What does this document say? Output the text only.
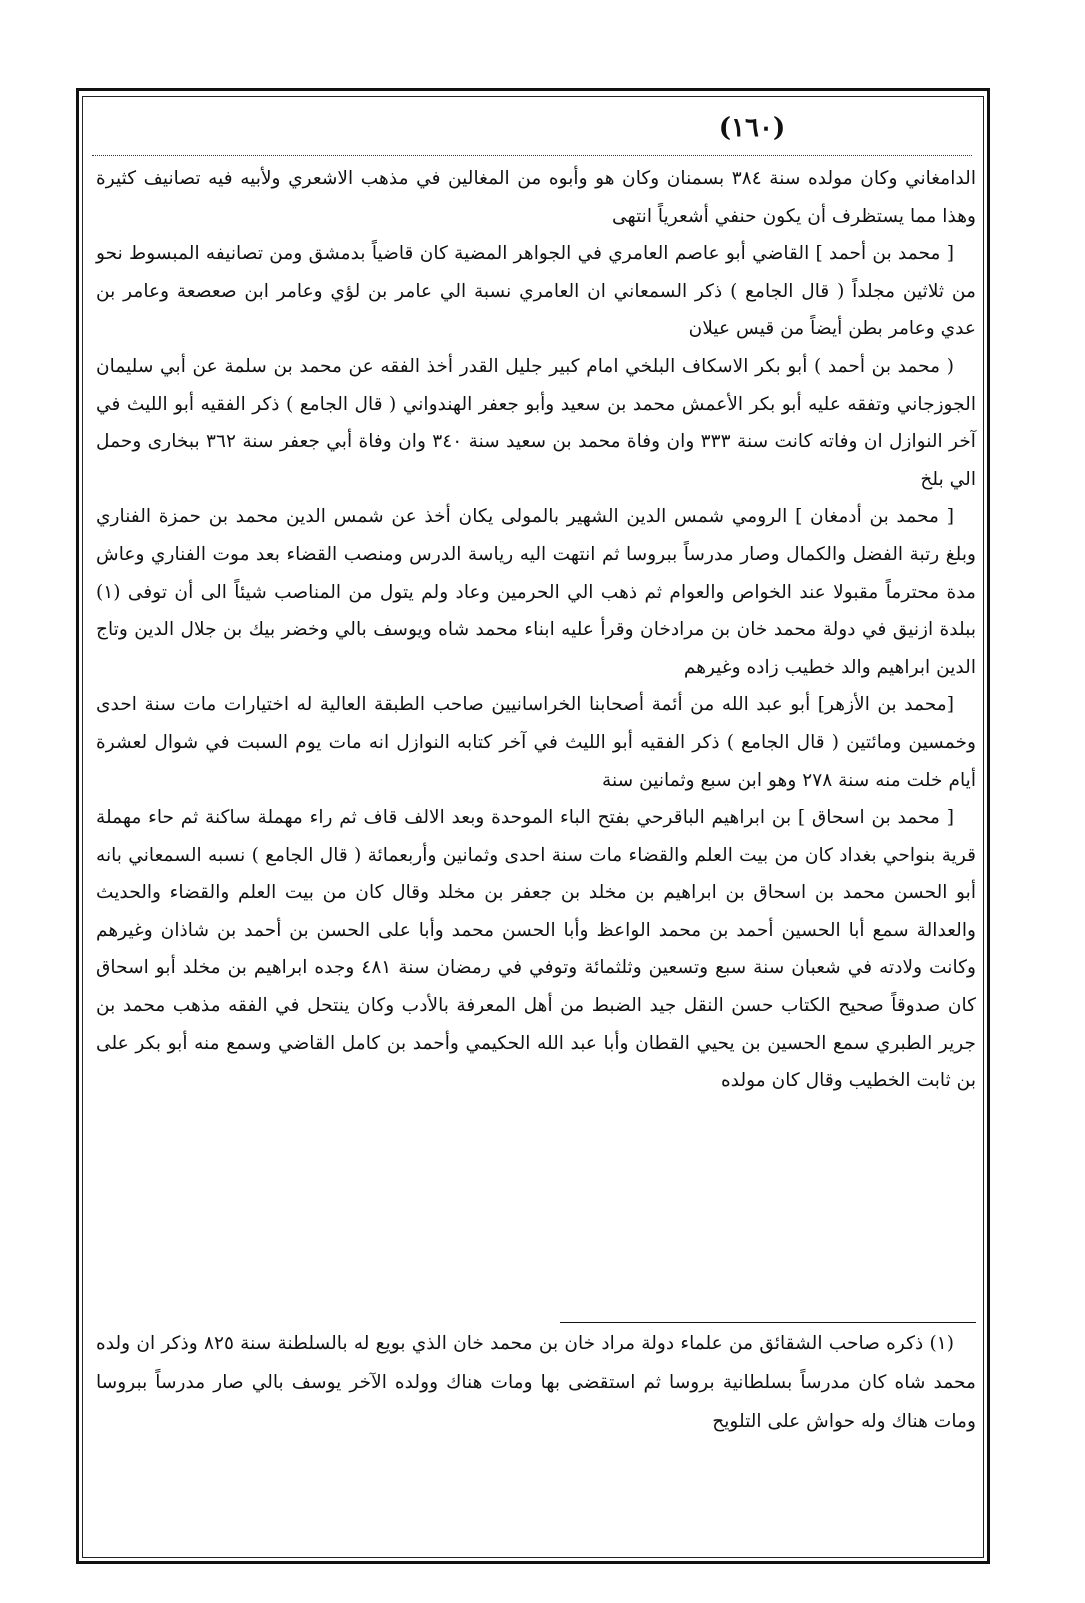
(١٦٠)

الدامغاني وكان مولده سنة ٣٨٤ بسمنان وكان هو وأبوه من المغالين في مذهب الاشعري ولأبيه فيه تصانيف كثيرة وهذا مما يستظرف أن يكون حنفي أشعرياً انتهى

[ محمد بن أحمد ] القاضي أبو عاصم العامري في الجواهر المضية كان قاضياً بدمشق ومن تصانيفه المبسوط نحو من ثلاثين مجلداً ( قال الجامع ) ذكر السمعاني ان العامري نسبة الي عامر بن لؤي وعامر ابن صعصعة وعامر بن عدي وعامر بطن أيضاً من قيس عيلان

( محمد بن أحمد ) أبو بكر الاسكاف البلخي امام كبير جليل القدر أخذ الفقه عن محمد بن سلمة عن أبي سليمان الجوزجاني وتفقه عليه أبو بكر الأعمش محمد بن سعيد وأبو جعفر الهندواني ( قال الجامع ) ذكر الفقيه أبو الليث في آخر النوازل ان وفاته كانت سنة ٣٣٣ وان وفاة محمد بن سعيد سنة ٣٤٠ وان وفاة أبي جعفر سنة ٣٦٢ ببخارى وحمل الي بلخ

[ محمد بن أدمغان ] الرومي شمس الدين الشهير بالمولى يكان أخذ عن شمس الدين محمد بن حمزة الفناري وبلغ رتبة الفضل والكمال وصار مدرساً ببروسا ثم انتهت اليه رياسة الدرس ومنصب القضاء بعد موت الفناري وعاش مدة محترماً مقبولا عند الخواص والعوام ثم ذهب الي الحرمين وعاد ولم يتول من المناصب شيئاً الى أن توفى (١) ببلدة ازنيق في دولة محمد خان بن مرادخان وقرأ عليه ابناء محمد شاه ويوسف بالي وخضر بيك بن جلال الدين وتاج الدين ابراهيم والد خطيب زاده وغيرهم

[محمد بن الأزهر] أبو عبد الله من أئمة أصحابنا الخراسانيين صاحب الطبقة العالية له اختيارات مات سنة احدى وخمسين ومائتين ( قال الجامع ) ذكر الفقيه أبو الليث في آخر كتابه النوازل انه مات يوم السبت في شوال لعشرة أيام خلت منه سنة ٢٧٨ وهو ابن سبع وثمانين سنة

[ محمد بن اسحاق ] بن ابراهيم الباقرحي بفتح الباء الموحدة وبعد الالف قاف ثم راء مهملة ساكنة ثم حاء مهملة قرية بنواحي بغداد كان من بيت العلم والقضاء مات سنة احدى وثمانين وأربعمائة ( قال الجامع ) نسبه السمعاني بانه أبو الحسن محمد بن اسحاق بن ابراهيم بن مخلد بن جعفر بن مخلد وقال كان من بيت العلم والقضاء والحديث والعدالة سمع أبا الحسين أحمد بن محمد الواعظ وأبا الحسن محمد وأبا على الحسن بن أحمد بن شاذان وغيرهم وكانت ولادته في شعبان سنة سبع وتسعين وثلثمائة وتوفي في رمضان سنة ٤٨١ وجده ابراهيم بن مخلد أبو اسحاق كان صدوقاً صحيح الكتاب حسن النقل جيد الضبط من أهل المعرفة بالأدب وكان ينتحل في الفقه مذهب محمد بن جرير الطبري سمع الحسين بن يحيي القطان وأبا عبد الله الحكيمي وأحمد بن كامل القاضي وسمع منه أبو بكر على بن ثابت الخطيب وقال كان مولده

(١) ذكره صاحب الشقائق من علماء دولة مراد خان بن محمد خان الذي بويع له بالسلطنة سنة ٨٢٥ وذكر ان ولده محمد شاه كان مدرساً بسلطانية بروسا ثم استقضى بها ومات هناك وولده الآخر يوسف بالي صار مدرساً ببروسا ومات هناك وله حواش على التلويح
